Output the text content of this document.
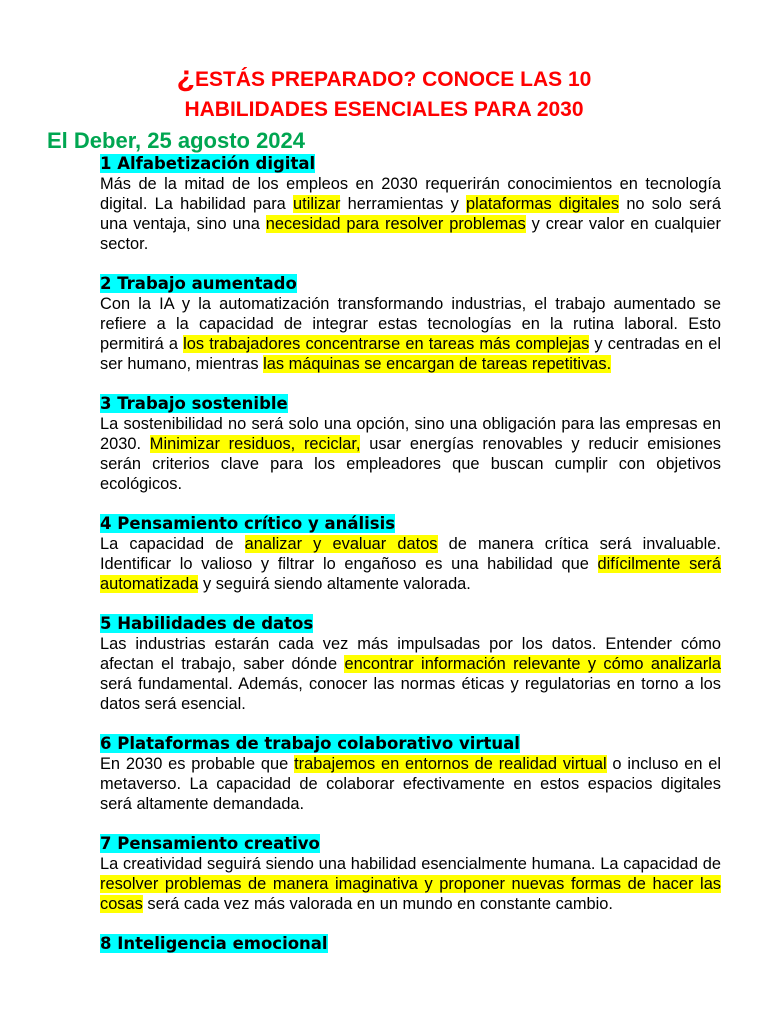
¿ESTÁS PREPARADO? CONOCE LAS 10
HABILIDADES ESENCIALES PARA 2030
El Deber, 25 agosto 2024
1 Alfabetización digital
Más de la mitad de los empleos en 2030 requerirán conocimientos en tecnología digital. La habilidad para utilizar herramientas y plataformas digitales no solo será una ventaja, sino una necesidad para resolver problemas y crear valor en cualquier sector.
2 Trabajo aumentado
Con la IA y la automatización transformando industrias, el trabajo aumentado se refiere a la capacidad de integrar estas tecnologías en la rutina laboral. Esto permitirá a los trabajadores concentrarse en tareas más complejas y centradas en el ser humano, mientras las máquinas se encargan de tareas repetitivas.
3 Trabajo sostenible
La sostenibilidad no será solo una opción, sino una obligación para las empresas en 2030. Minimizar residuos, reciclar, usar energías renovables y reducir emisiones serán criterios clave para los empleadores que buscan cumplir con objetivos ecológicos.
4 Pensamiento crítico y análisis
La capacidad de analizar y evaluar datos de manera crítica será invaluable. Identificar lo valioso y filtrar lo engañoso es una habilidad que difícilmente será automatizada y seguirá siendo altamente valorada.
5 Habilidades de datos
Las industrias estarán cada vez más impulsadas por los datos. Entender cómo afectan el trabajo, saber dónde encontrar información relevante y cómo analizarla será fundamental. Además, conocer las normas éticas y regulatorias en torno a los datos será esencial.
6 Plataformas de trabajo colaborativo virtual
En 2030 es probable que trabajemos en entornos de realidad virtual o incluso en el metaverso. La capacidad de colaborar efectivamente en estos espacios digitales será altamente demandada.
7 Pensamiento creativo
La creatividad seguirá siendo una habilidad esencialmente humana. La capacidad de resolver problemas de manera imaginativa y proponer nuevas formas de hacer las cosas será cada vez más valorada en un mundo en constante cambio.
8 Inteligencia emocional
